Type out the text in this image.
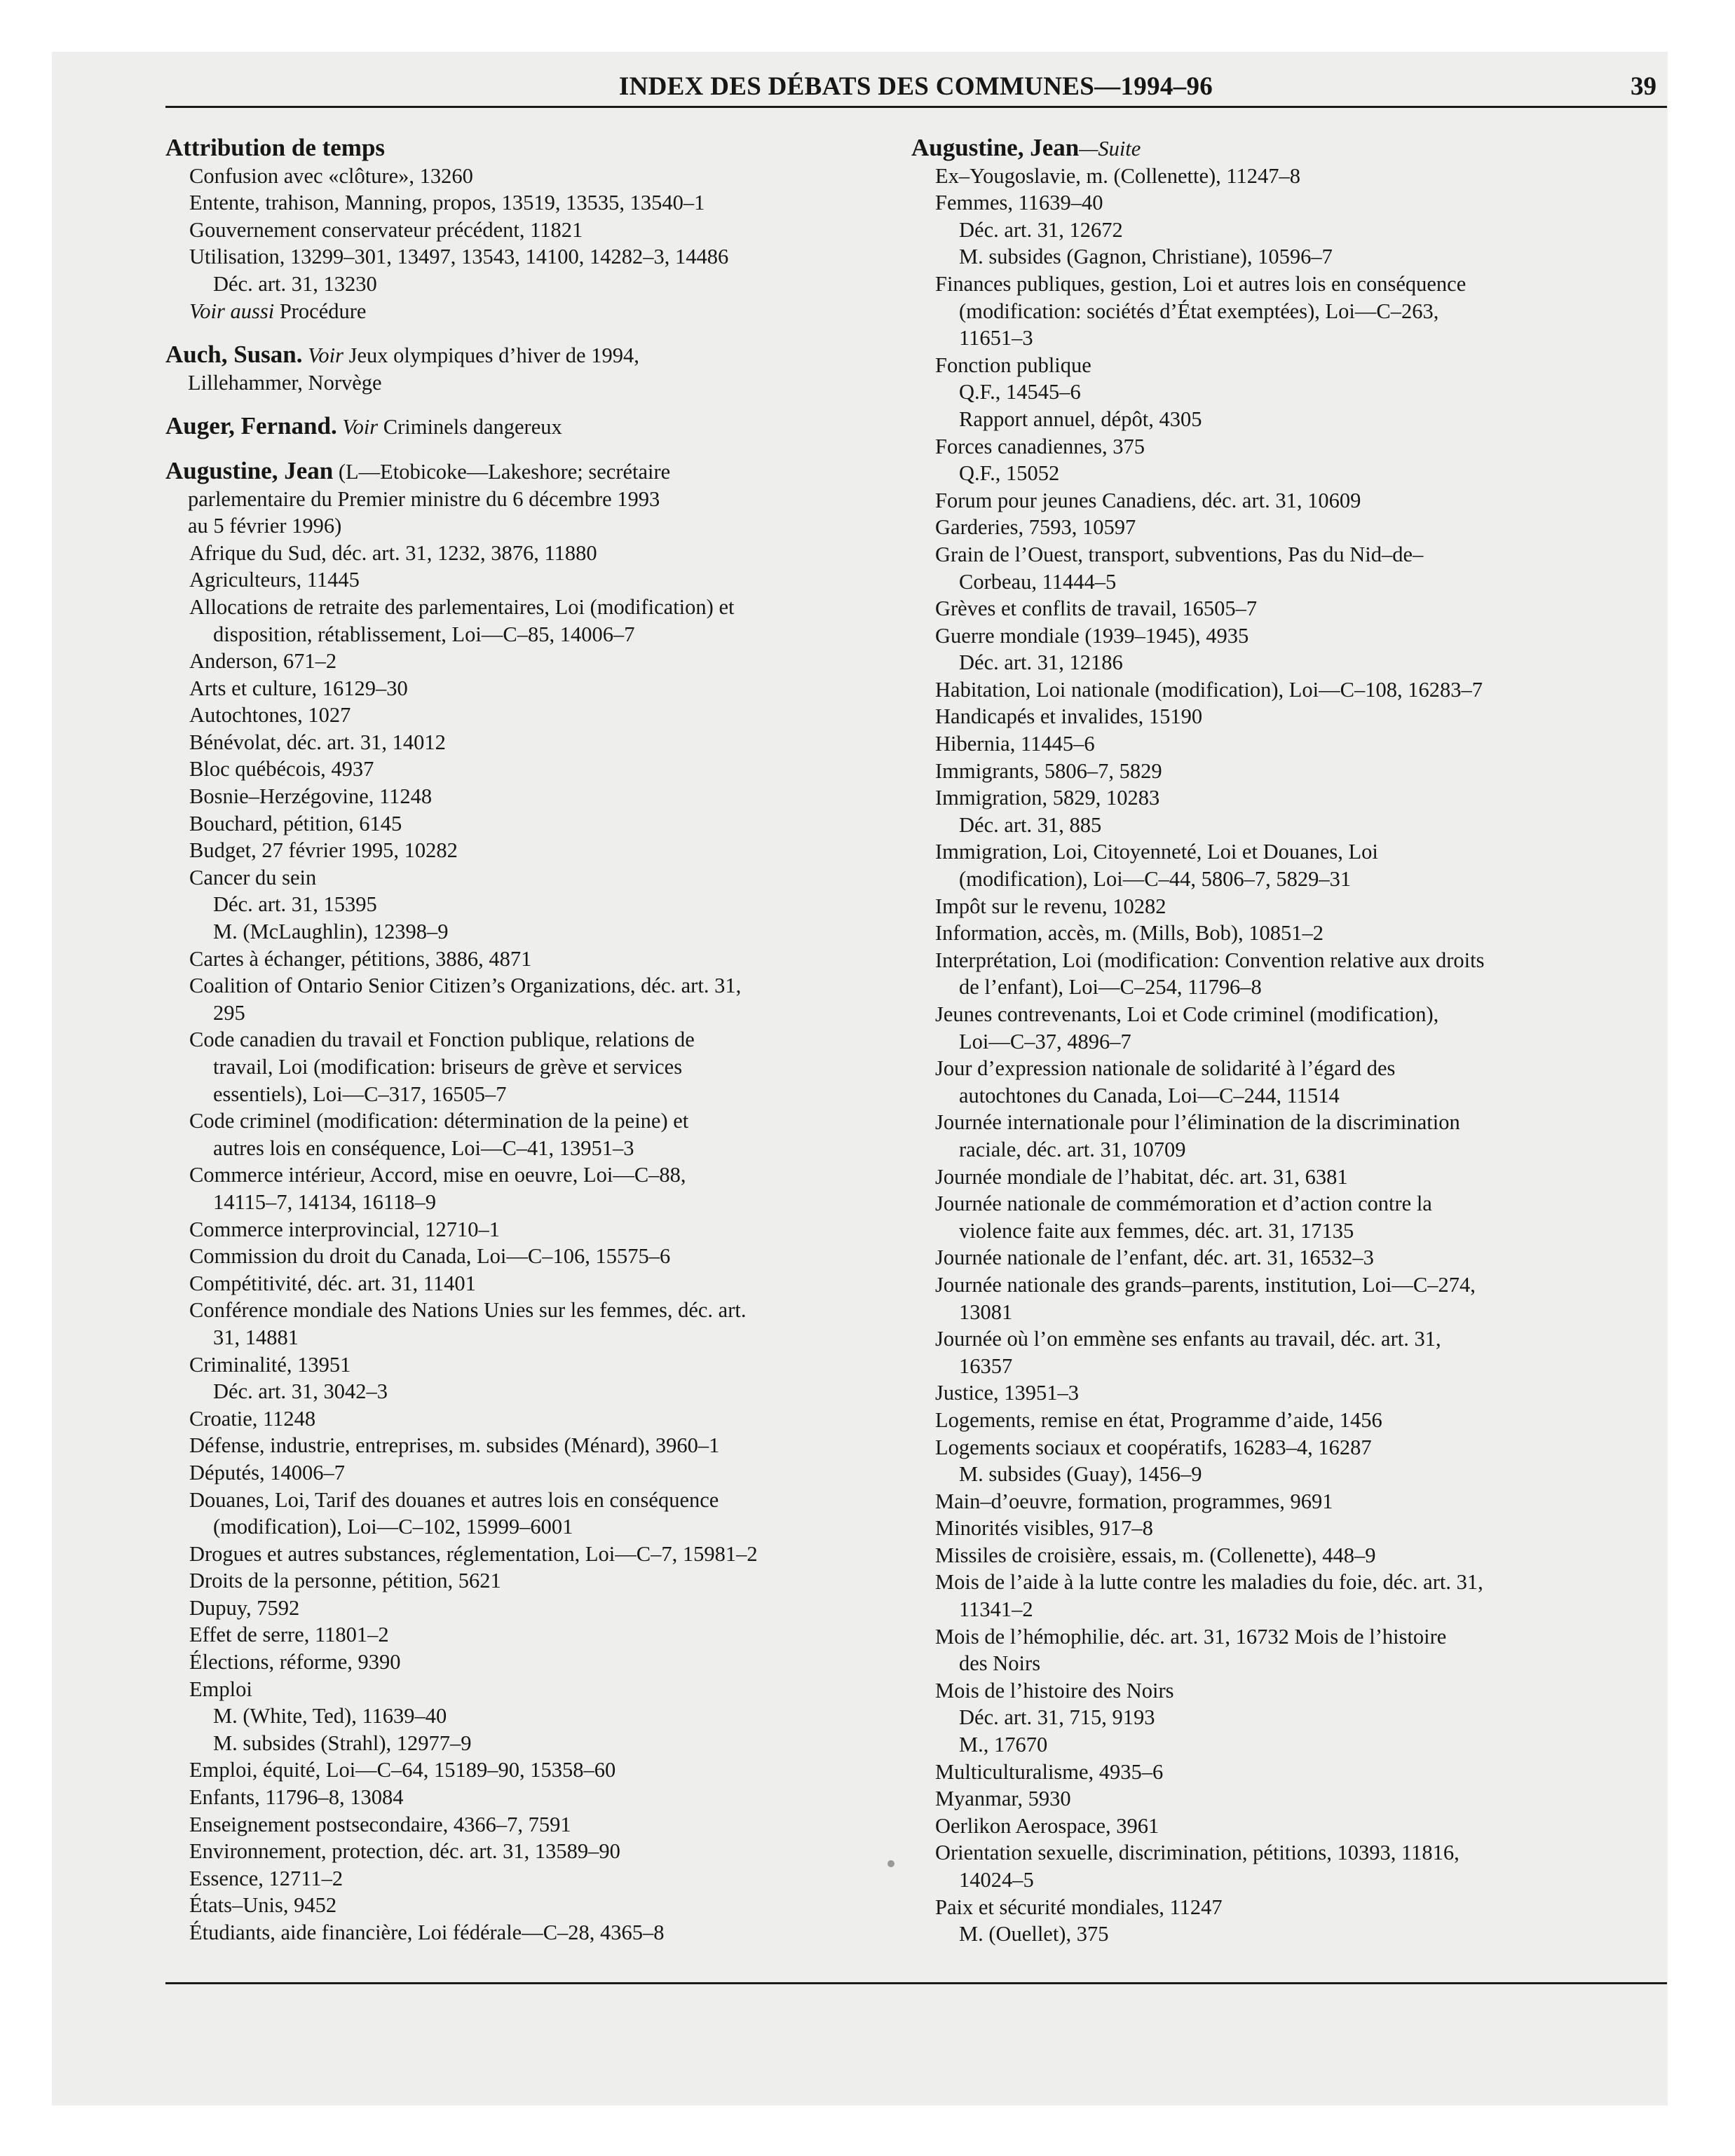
INDEX DES DÉBATS DES COMMUNES—1994–96	39
Attribution de temps
Confusion avec «clôture», 13260
Entente, trahison, Manning, propos, 13519, 13535, 13540–1
Gouvernement conservateur précédent, 11821
Utilisation, 13299–301, 13497, 13543, 14100, 14282–3, 14486
Déc. art. 31, 13230
Voir aussi Procédure
Auch, Susan. Voir Jeux olympiques d’hiver de 1994,
Lillehammer, Norvège
Auger, Fernand. Voir Criminels dangereux
Augustine, Jean (L—Etobicoke—Lakeshore; secrétaire
parlementaire du Premier ministre du 6 décembre 1993
au 5 février 1996)
Afrique du Sud, déc. art. 31, 1232, 3876, 11880
Agriculteurs, 11445
Allocations de retraite des parlementaires, Loi (modification) et
disposition, rétablissement, Loi—C–85, 14006–7
Anderson, 671–2
Arts et culture, 16129–30
Autochtones, 1027
Bénévolat, déc. art. 31, 14012
Bloc québécois, 4937
Bosnie–Herzégovine, 11248
Bouchard, pétition, 6145
Budget, 27 février 1995, 10282
Cancer du sein
Déc. art. 31, 15395
M. (McLaughlin), 12398–9
Cartes à échanger, pétitions, 3886, 4871
Coalition of Ontario Senior Citizen’s Organizations, déc. art. 31,
295
Code canadien du travail et Fonction publique, relations de
travail, Loi (modification: briseurs de grève et services
essentiels), Loi—C–317, 16505–7
Code criminel (modification: détermination de la peine) et
autres lois en conséquence, Loi—C–41, 13951–3
Commerce intérieur, Accord, mise en oeuvre, Loi—C–88,
14115–7, 14134, 16118–9
Commerce interprovincial, 12710–1
Commission du droit du Canada, Loi—C–106, 15575–6
Compétitivité, déc. art. 31, 11401
Conférence mondiale des Nations Unies sur les femmes, déc. art.
31, 14881
Criminalité, 13951
Déc. art. 31, 3042–3
Croatie, 11248
Défense, industrie, entreprises, m. subsides (Ménard), 3960–1
Députés, 14006–7
Douanes, Loi, Tarif des douanes et autres lois en conséquence
(modification), Loi—C–102, 15999–6001
Drogues et autres substances, réglementation, Loi—C–7, 15981–2
Droits de la personne, pétition, 5621
Dupuy, 7592
Effet de serre, 11801–2
Élections, réforme, 9390
Emploi
M. (White, Ted), 11639–40
M. subsides (Strahl), 12977–9
Emploi, équité, Loi—C–64, 15189–90, 15358–60
Enfants, 11796–8, 13084
Enseignement postsecondaire, 4366–7, 7591
Environnement, protection, déc. art. 31, 13589–90
Essence, 12711–2
États–Unis, 9452
Étudiants, aide financière, Loi fédérale—C–28, 4365–8
Augustine, Jean—Suite
Ex–Yougoslavie, m. (Collenette), 11247–8
Femmes, 11639–40
Déc. art. 31, 12672
M. subsides (Gagnon, Christiane), 10596–7
Finances publiques, gestion, Loi et autres lois en conséquence
(modification: sociétés d’État exemptées), Loi—C–263,
11651–3
Fonction publique
Q.F., 14545–6
Rapport annuel, dépôt, 4305
Forces canadiennes, 375
Q.F., 15052
Forum pour jeunes Canadiens, déc. art. 31, 10609
Garderies, 7593, 10597
Grain de l’Ouest, transport, subventions, Pas du Nid–de–
Corbeau, 11444–5
Grèves et conflits de travail, 16505–7
Guerre mondiale (1939–1945), 4935
Déc. art. 31, 12186
Habitation, Loi nationale (modification), Loi—C–108, 16283–7
Handicapés et invalides, 15190
Hibernia, 11445–6
Immigrants, 5806–7, 5829
Immigration, 5829, 10283
Déc. art. 31, 885
Immigration, Loi, Citoyenneté, Loi et Douanes, Loi
(modification), Loi—C–44, 5806–7, 5829–31
Impôt sur le revenu, 10282
Information, accès, m. (Mills, Bob), 10851–2
Interprétation, Loi (modification: Convention relative aux droits
de l’enfant), Loi—C–254, 11796–8
Jeunes contrevenants, Loi et Code criminel (modification),
Loi—C–37, 4896–7
Jour d’expression nationale de solidarité à l’égard des
autochtones du Canada, Loi—C–244, 11514
Journée internationale pour l’élimination de la discrimination
raciale, déc. art. 31, 10709
Journée mondiale de l’habitat, déc. art. 31, 6381
Journée nationale de commémoration et d’action contre la
violence faite aux femmes, déc. art. 31, 17135
Journée nationale de l’enfant, déc. art. 31, 16532–3
Journée nationale des grands–parents, institution, Loi—C–274,
13081
Journée où l’on emmène ses enfants au travail, déc. art. 31,
16357
Justice, 13951–3
Logements, remise en état, Programme d’aide, 1456
Logements sociaux et coopératifs, 16283–4, 16287
M. subsides (Guay), 1456–9
Main–d’oeuvre, formation, programmes, 9691
Minorités visibles, 917–8
Missiles de croisière, essais, m. (Collenette), 448–9
Mois de l’aide à la lutte contre les maladies du foie, déc. art. 31,
11341–2
Mois de l’hémophilie, déc. art. 31, 16732 Mois de l’histoire
des Noirs
Mois de l’histoire des Noirs
Déc. art. 31, 715, 9193
M., 17670
Multiculturalisme, 4935–6
Myanmar, 5930
Oerlikon Aerospace, 3961
Orientation sexuelle, discrimination, pétitions, 10393, 11816,
14024–5
Paix et sécurité mondiales, 11247
M. (Ouellet), 375
